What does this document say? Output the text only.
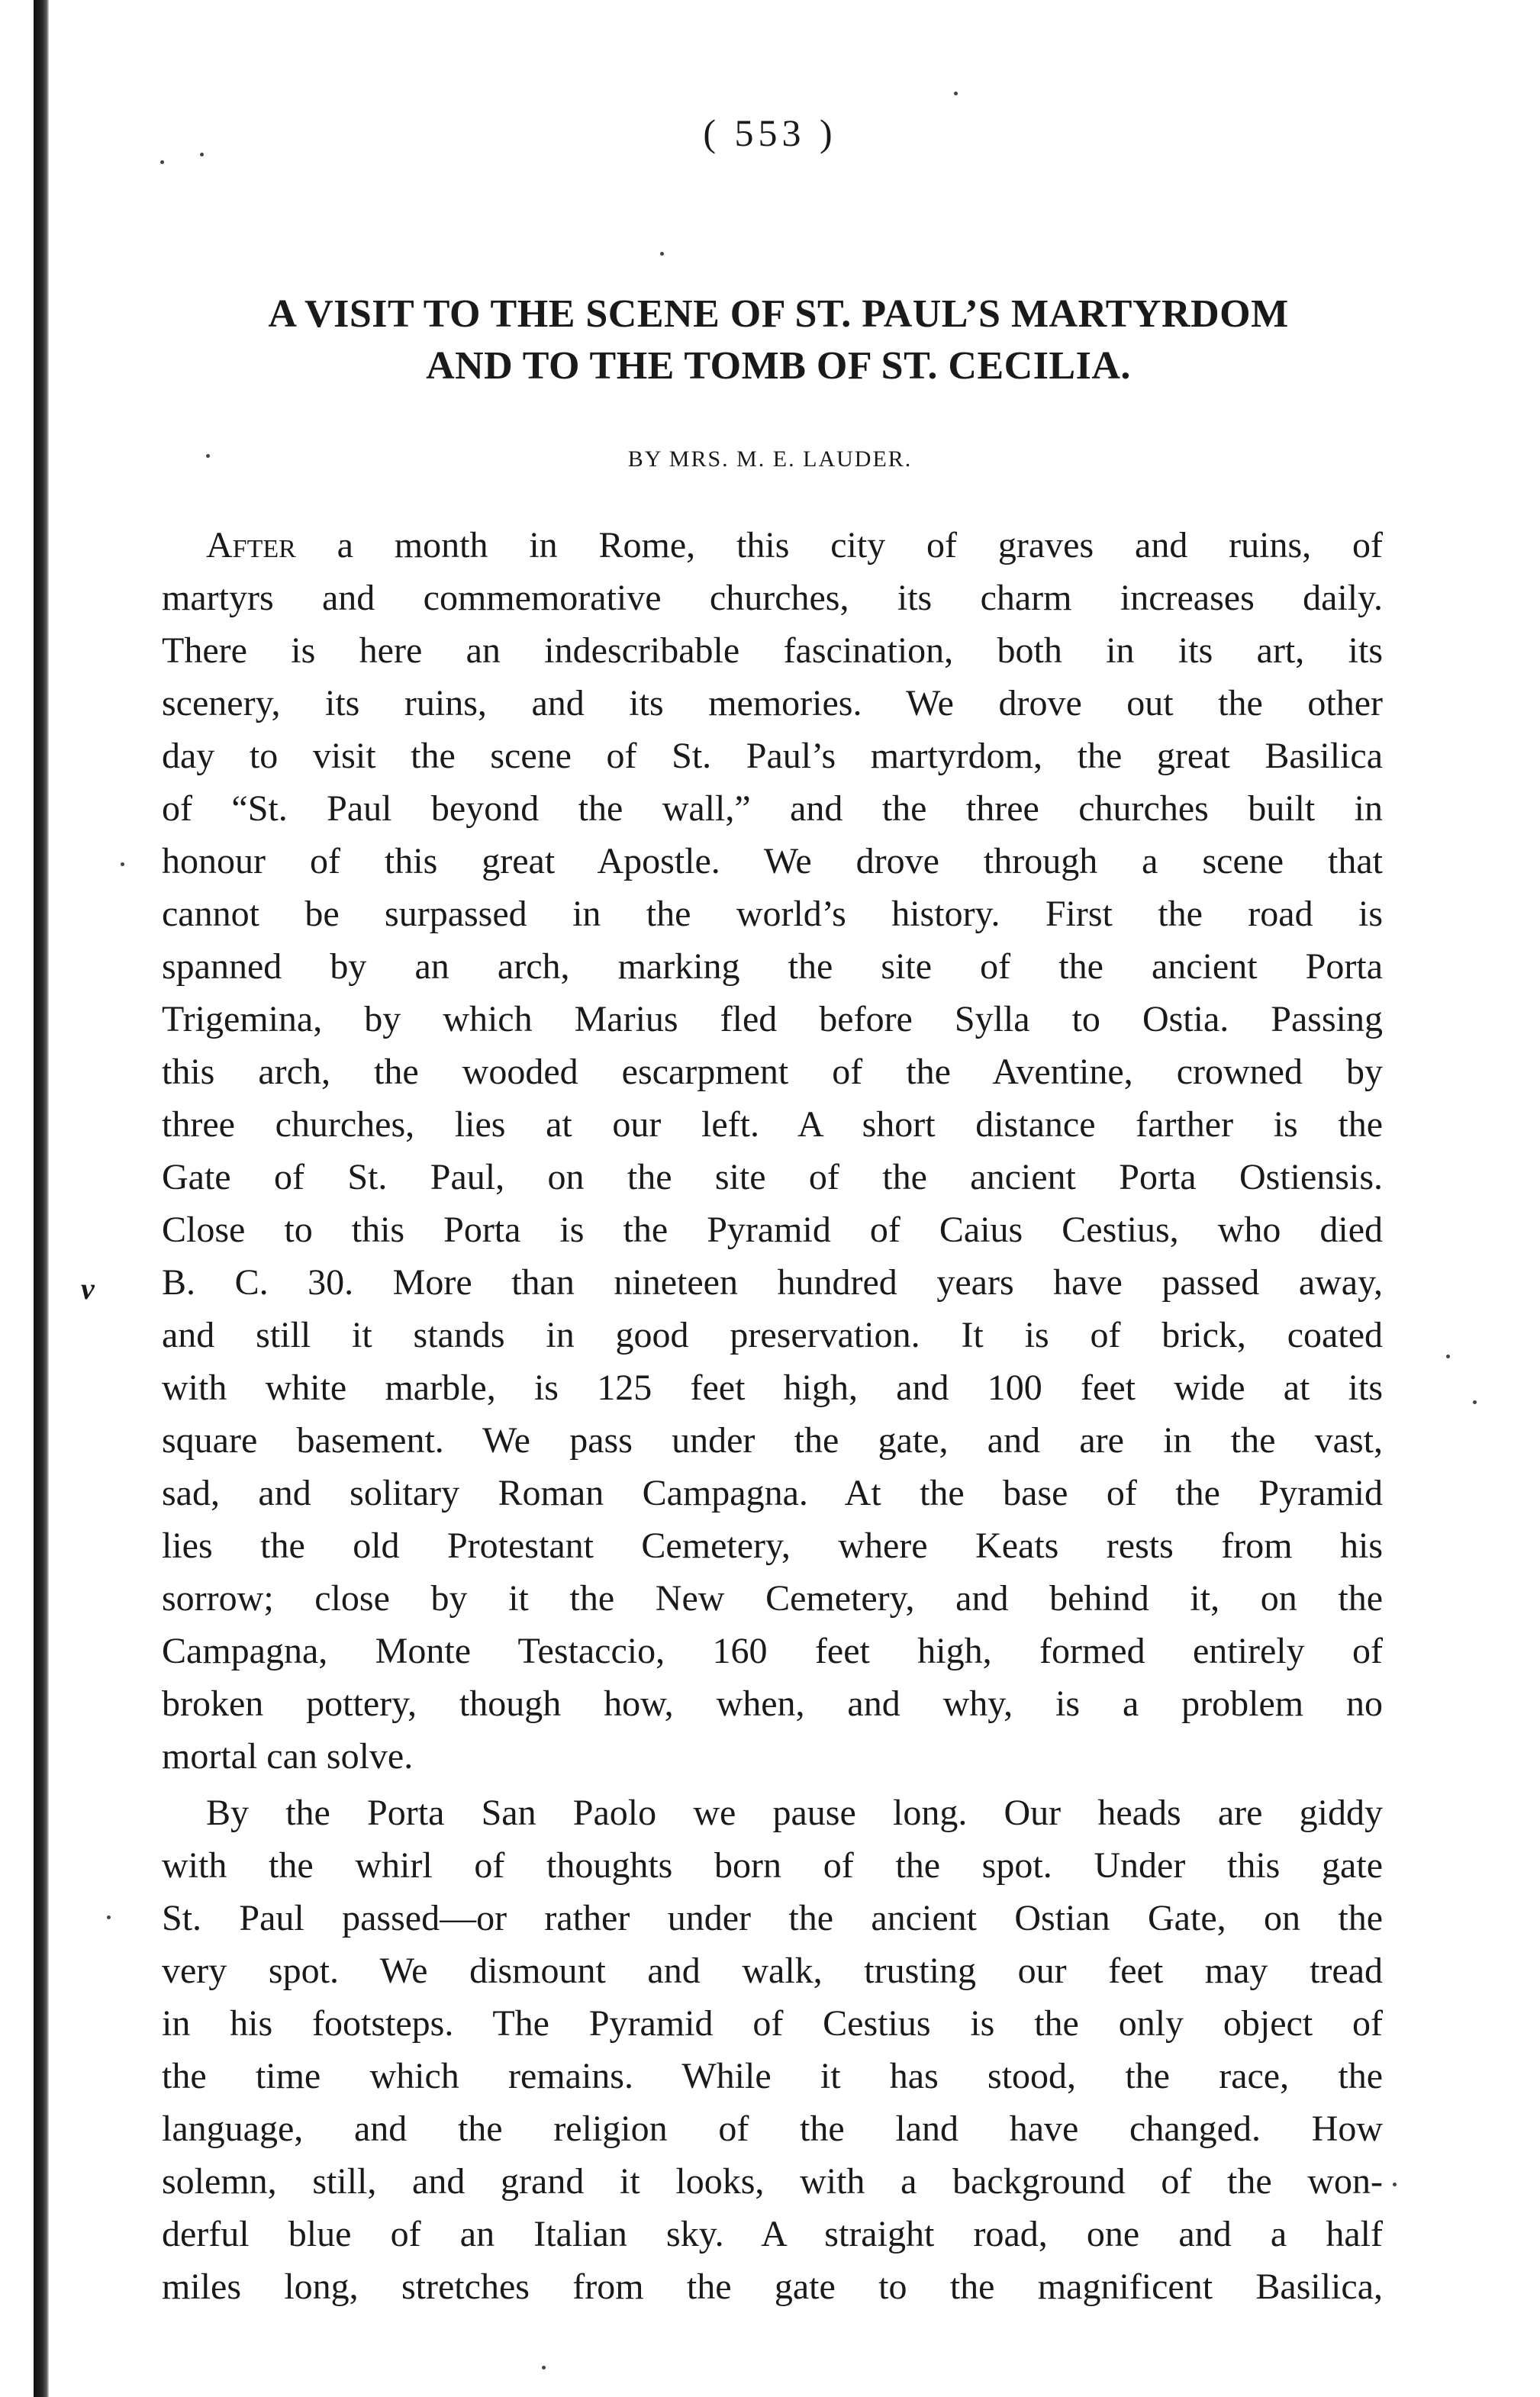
( 553 )
A VISIT TO THE SCENE OF ST. PAUL’S MARTYRDOM
AND TO THE TOMB OF ST. CECILIA.
BY MRS. M. E. LAUDER.
ν
After a month in Rome, this city of graves and ruins, of
martyrs and commemorative churches, its charm increases daily.
There is here an indescribable fascination, both in its art, its
scenery, its ruins, and its memories. We drove out the other
day to visit the scene of St. Paul’s martyrdom, the great Basilica
of “St. Paul beyond the wall,” and the three churches built in
honour of this great Apostle. We drove through a scene that
cannot be surpassed in the world’s history. First the road is
spanned by an arch, marking the site of the ancient Porta
Trigemina, by which Marius fled before Sylla to Ostia. Passing
this arch, the wooded escarpment of the Aventine, crowned by
three churches, lies at our left. A short distance farther is the
Gate of St. Paul, on the site of the ancient Porta Ostiensis.
Close to this Porta is the Pyramid of Caius Cestius, who died
B. C. 30. More than nineteen hundred years have passed away,
and still it stands in good preservation. It is of brick, coated
with white marble, is 125 feet high, and 100 feet wide at its
square basement. We pass under the gate, and are in the vast,
sad, and solitary Roman Campagna. At the base of the Pyramid
lies the old Protestant Cemetery, where Keats rests from his
sorrow; close by it the New Cemetery, and behind it, on the
Campagna, Monte Testaccio, 160 feet high, formed entirely of
broken pottery, though how, when, and why, is a problem no
mortal can solve.
By the Porta San Paolo we pause long. Our heads are giddy
with the whirl of thoughts born of the spot. Under this gate
St. Paul passed—or rather under the ancient Ostian Gate, on the
very spot. We dismount and walk, trusting our feet may tread
in his footsteps. The Pyramid of Cestius is the only object of
the time which remains. While it has stood, the race, the
language, and the religion of the land have changed. How
solemn, still, and grand it looks, with a background of the won-
derful blue of an Italian sky. A straight road, one and a half
miles long, stretches from the gate to the magnificent Basilica,
